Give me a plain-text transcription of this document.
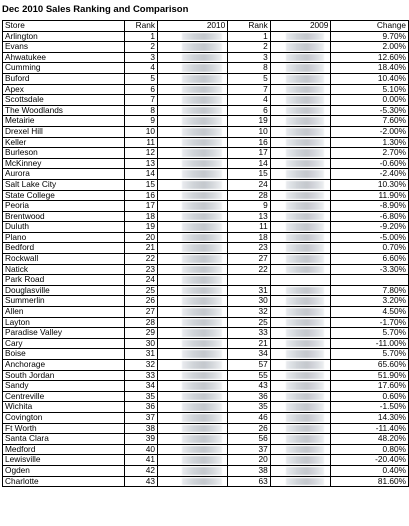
Dec 2010 Sales Ranking and Comparison
Store	Rank	2010	Rank	2009	Change
Arlington	1		1		9.70%
Evans	2		2		2.00%
Ahwatukee	3		3		12.60%
Cumming	4		8		18.40%
Buford	5		5		10.40%
Apex	6		7		5.10%
Scottsdale	7		4		0.00%
The Woodlands	8		6		-5.30%
Metairie	9		19		7.60%
Drexel Hill	10		10		-2.00%
Keller	11		16		1.30%
Burleson	12		17		2.70%
McKinney	13		14		-0.60%
Aurora	14		15		-2.40%
Salt Lake City	15		24		10.30%
State College	16		28		11.90%
Peoria	17		9		-8.90%
Brentwood	18		13		-6.80%
Duluth	19		11		-9.20%
Plano	20		18		-5.00%
Bedford	21		23		0.70%
Rockwall	22		27		6.60%
Natick	23		22		-3.30%
Park Road	24	

Douglasville	25		31		7.80%
Summerlin	26		30		3.20%
Allen	27		32		4.50%
Layton	28		25		-1.70%
Paradise Valley	29		33		5.70%
Cary	30		21		-11.00%
Boise	31		34		5.70%
Anchorage	32		57		65.60%
South Jordan	33		55		51.90%
Sandy	34		43		17.60%
Centreville	35		36		0.60%
Wichita	36		35		-1.50%
Covington	37		46		14.30%
Ft Worth	38		26		-11.40%
Santa Clara	39		56		48.20%
Medford	40		37		0.80%
Lewisville	41		20		-20.40%
Ogden	42		38		0.40%
Charlotte	43		63		81.60%
